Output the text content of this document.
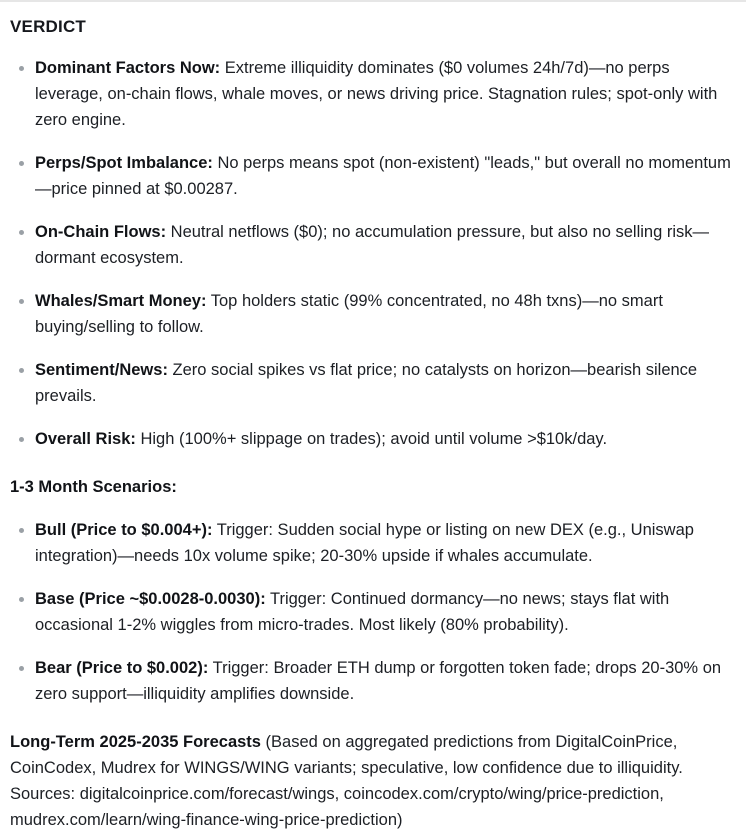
VERDICT
Dominant Factors Now: Extreme illiquidity dominates ($0 volumes 24h/7d)—no perps leverage, on-chain flows, whale moves, or news driving price. Stagnation rules; spot-only with zero engine.
Perps/Spot Imbalance: No perps means spot (non-existent) "leads," but overall no momentum—price pinned at $0.00287.
On-Chain Flows: Neutral netflows ($0); no accumulation pressure, but also no selling risk—dormant ecosystem.
Whales/Smart Money: Top holders static (99% concentrated, no 48h txns)—no smart buying/selling to follow.
Sentiment/News: Zero social spikes vs flat price; no catalysts on horizon—bearish silence prevails.
Overall Risk: High (100%+ slippage on trades); avoid until volume >$10k/day.
1-3 Month Scenarios:
Bull (Price to $0.004+): Trigger: Sudden social hype or listing on new DEX (e.g., Uniswap integration)—needs 10x volume spike; 20-30% upside if whales accumulate.
Base (Price ~$0.0028-0.0030): Trigger: Continued dormancy—no news; stays flat with occasional 1-2% wiggles from micro-trades. Most likely (80% probability).
Bear (Price to $0.002): Trigger: Broader ETH dump or forgotten token fade; drops 20-30% on zero support—illiquidity amplifies downside.
Long-Term 2025-2035 Forecasts (Based on aggregated predictions from DigitalCoinPrice, CoinCodex, Mudrex for WINGS/WING variants; speculative, low confidence due to illiquidity. Sources: digitalcoinprice.com/forecast/wings, coincodex.com/crypto/wing/price-prediction, mudrex.com/learn/wing-finance-wing-price-prediction)
